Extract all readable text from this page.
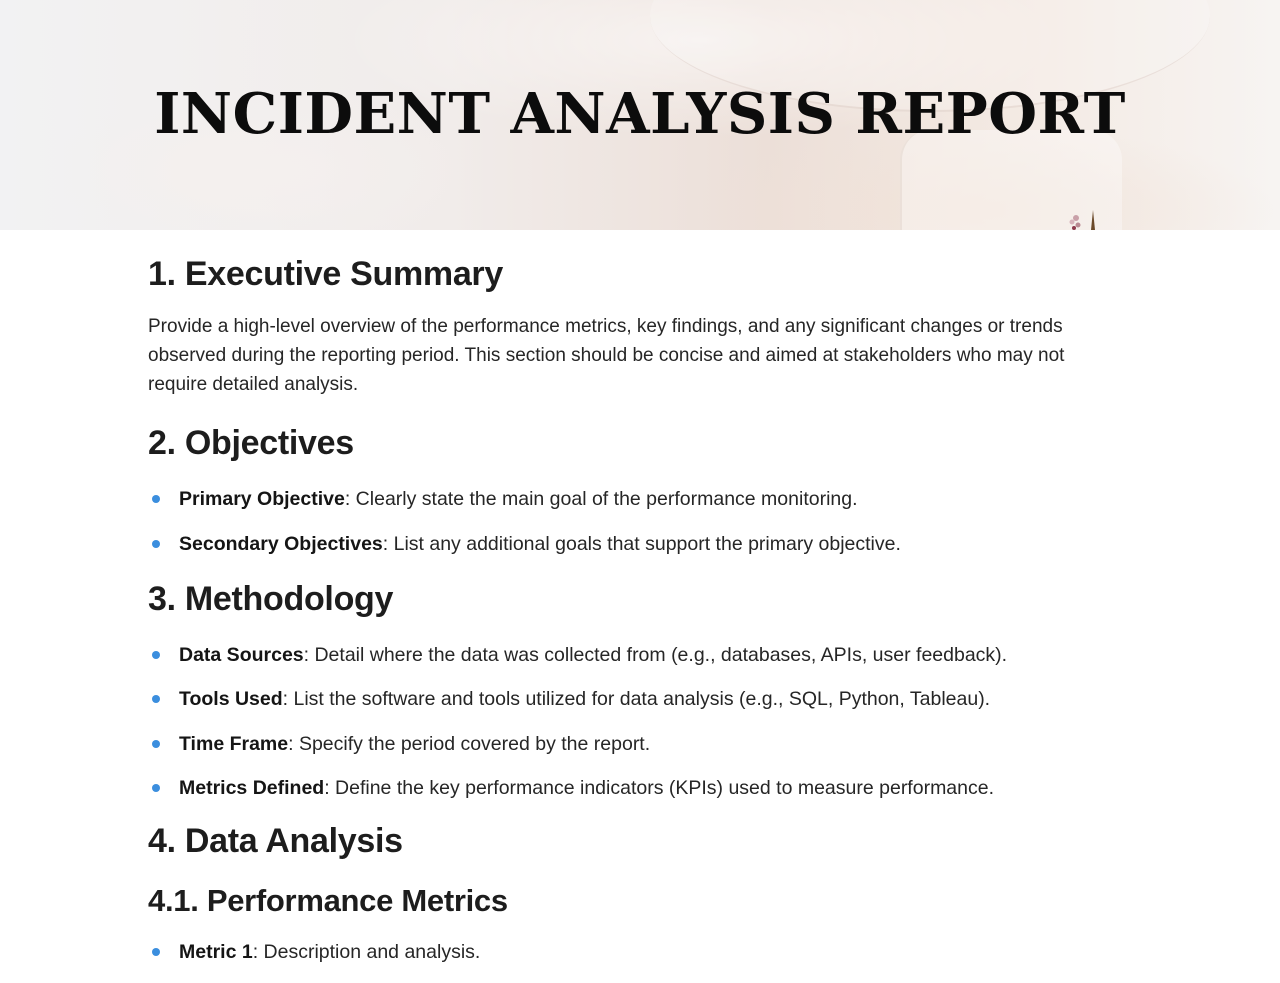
INCIDENT ANALYSIS REPORT
1. Executive Summary

Provide a high-level overview of the performance metrics, key findings, and any significant changes or trends observed during the reporting period. This section should be concise and aimed at stakeholders who may not require detailed analysis.

2. Objectives
Primary Objective: Clearly state the main goal of the performance monitoring.
Secondary Objectives: List any additional goals that support the primary objective.
3. Methodology
Data Sources: Detail where the data was collected from (e.g., databases, APIs, user feedback).
Tools Used: List the software and tools utilized for data analysis (e.g., SQL, Python, Tableau).
Time Frame: Specify the period covered by the report.
Metrics Defined: Define the key performance indicators (KPIs) used to measure performance.
4. Data Analysis
4.1. Performance Metrics
Metric 1: Description and analysis.
